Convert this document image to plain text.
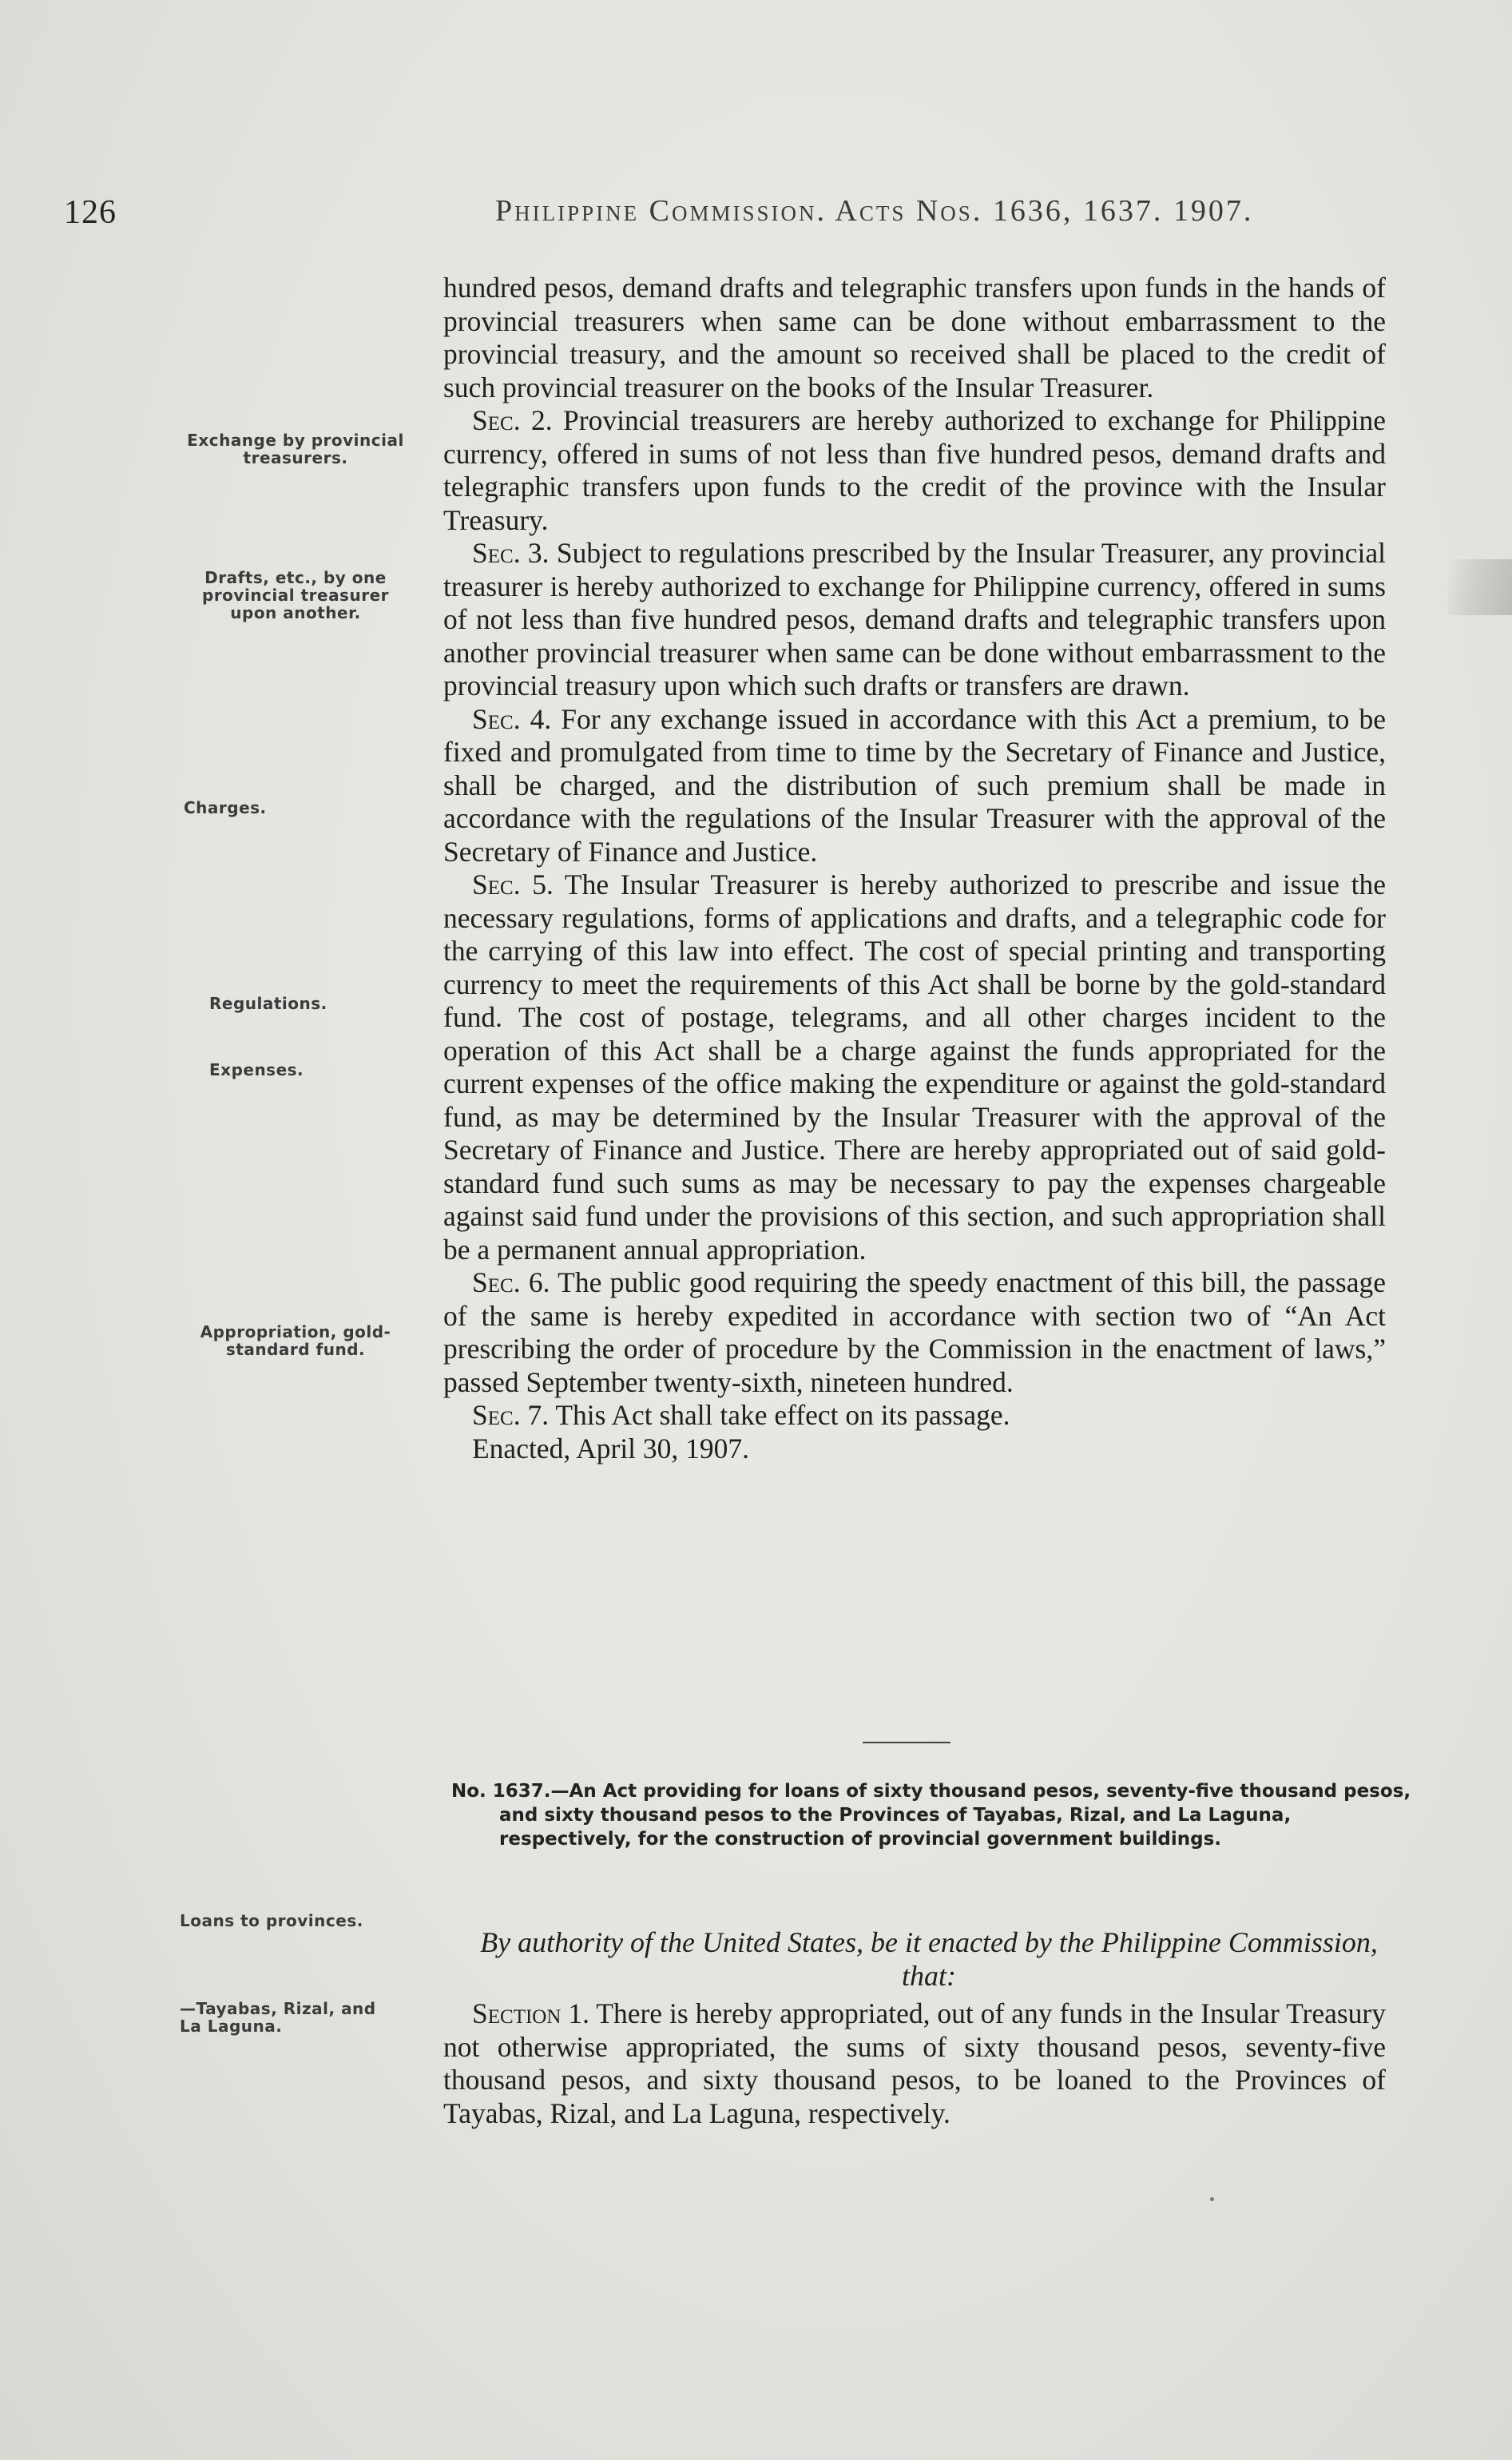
126	Philippine Commission. Acts Nos. 1636, 1637. 1907.
Exchange by provincial treasurers.
Drafts, etc., by one provincial treasurer upon another.
Charges.
Regulations.
Expenses.
Appropriation, gold-standard fund.
Loans to provinces.
—Tayabas, Rizal, and La Laguna.

hundred pesos, demand drafts and telegraphic transfers upon funds in the hands of provincial treasurers when same can be done without embarrassment to the provincial treasury, and the amount so received shall be placed to the credit of such provincial treasurer on the books of the Insular Treasurer.

Sec. 2. Provincial treasurers are hereby authorized to exchange for Philippine currency, offered in sums of not less than five hundred pesos, demand drafts and telegraphic transfers upon funds to the credit of the province with the Insular Treasury.

Sec. 3. Subject to regulations prescribed by the Insular Treasurer, any provincial treasurer is hereby authorized to exchange for Philippine currency, offered in sums of not less than five hundred pesos, demand drafts and telegraphic transfers upon another provincial treasurer when same can be done without embarrassment to the provincial treasury upon which such drafts or transfers are drawn.

Sec. 4. For any exchange issued in accordance with this Act a premium, to be fixed and promulgated from time to time by the Secretary of Finance and Justice, shall be charged, and the distribution of such premium shall be made in accordance with the regulations of the Insular Treasurer with the approval of the Secretary of Finance and Justice.

Sec. 5. The Insular Treasurer is hereby authorized to prescribe and issue the necessary regulations, forms of applications and drafts, and a telegraphic code for the carrying of this law into effect. The cost of special printing and transporting currency to meet the requirements of this Act shall be borne by the gold-standard fund. The cost of postage, telegrams, and all other charges incident to the operation of this Act shall be a charge against the funds appropriated for the current expenses of the office making the expenditure or against the gold-standard fund, as may be determined by the Insular Treasurer with the approval of the Secretary of Finance and Justice. There are hereby appropriated out of said gold-standard fund such sums as may be necessary to pay the expenses chargeable against said fund under the provisions of this section, and such appropriation shall be a permanent annual appropriation.

Sec. 6. The public good requiring the speedy enactment of this bill, the passage of the same is hereby expedited in accordance with section two of “An Act prescribing the order of procedure by the Commission in the enactment of laws,” passed September twenty-sixth, nineteen hundred.

Sec. 7. This Act shall take effect on its passage.

Enacted, April 30, 1907.

No. 1637.—An Act providing for loans of sixty thousand pesos, seventy-five thousand pesos, and sixty thousand pesos to the Provinces of Tayabas, Rizal, and La Laguna, respectively, for the construction of provincial government buildings.
By authority of the United States, be it enacted by the Philippine Commission, that:

Section 1. There is hereby appropriated, out of any funds in the Insular Treasury not otherwise appropriated, the sums of sixty thousand pesos, seventy-five thousand pesos, and sixty thousand pesos, to be loaned to the Provinces of Tayabas, Rizal, and La Laguna, respectively.
